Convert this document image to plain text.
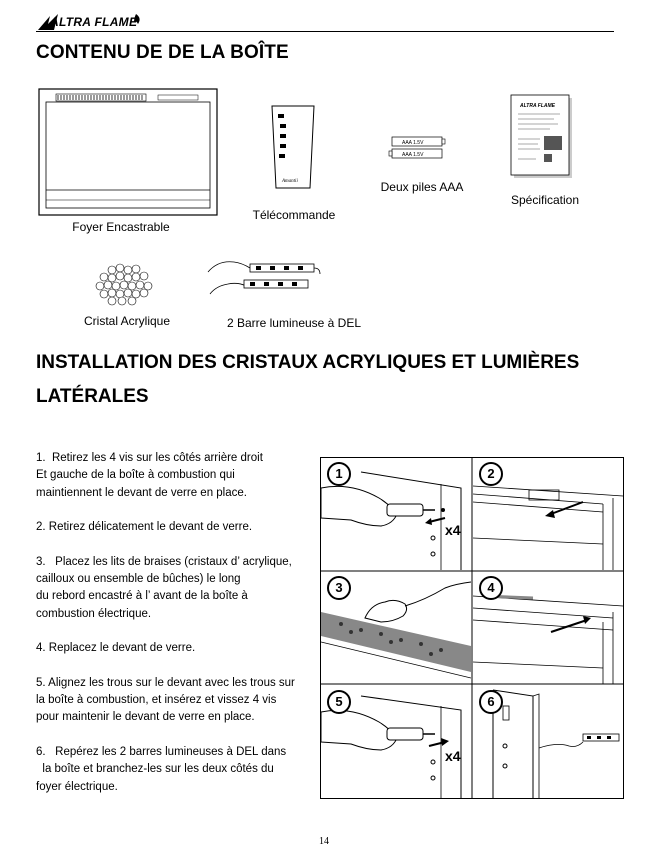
ALTRA FLAME
CONTENU DE DE LA BOÎTE
Foyer Encastrable
Amantii
Télécommande
AAA 1.5V
AAA 1.5V
Deux piles AAA
ALTRA FLAME
Spécification
Cristal Acrylique	2 Barre lumineuse à DEL
INSTALLATION DES CRISTAUX ACRYLIQUES ET LUMIÈRES LATÉRALES

1.  Retirez les 4 vis sur les côtés arrière droit
Et gauche de la boîte à combustion qui
maintiennent le devant de verre en place.

2. Retirez délicatement le devant de verre.

3.   Placez les lits de braises (cristaux d’ acrylique,
cailloux ou ensemble de bûches) le long
du rebord encastré à l’ avant de la boîte à
combustion électrique.

4. Replacez le devant de verre.

5. Alignez les trous sur le devant avec les trous sur
la boîte à combustion, et insérez et vissez 4 vis
pour maintenir le devant de verre en place.

6.   Repérez les 2 barres lumineuses à DEL dans
la boîte et branchez-les sur les deux côtés du
foyer électrique.

1
x4
2
3	4
5
x4
6
14
